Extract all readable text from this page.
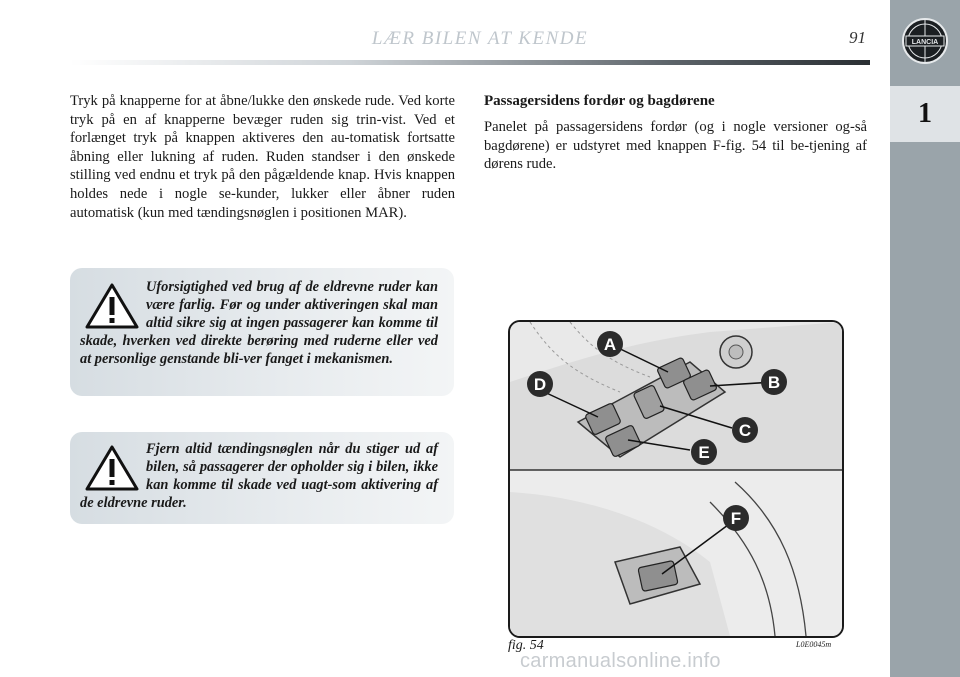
LÆR BILEN AT KENDE	91	LANCIA
1

Tryk på knapperne for at åbne/lukke den ønskede rude. Ved korte tryk på en af knapperne bevæger ruden sig trin-vist. Ved et forlænget tryk på knappen aktiveres den au-tomatisk fortsatte åbning eller lukning af ruden. Ruden standser i den ønskede stilling ved endnu et tryk på den pågældende knap. Hvis knappen holdes nede i nogle se-kunder, lukker eller åbner ruden automatisk (kun med tændingsnøglen i positionen MAR).

Uforsigtighed ved brug af de eldrevne ruder kan være farlig. Før og under aktiveringen skal man altid sikre sig at ingen passagerer kan komme til skade, hverken ved direkte berøring med ruderne eller ved at personlige genstande bli-ver fanget i mekanismen.

Fjern altid tændingsnøglen når du stiger ud af bilen, så passagerer der opholder sig i bilen, ikke kan komme til skade ved uagt-som aktivering af de eldrevne ruder.

Passagersidens fordør og bagdørene

Panelet på passagersidens fordør (og i nogle versioner og-så bagdørene) er udstyret med knappen F-fig. 54 til be-tjening af dørens rude.

A
B
C
D
E
F
fig. 54	L0E0045m
carmanualsonline.info
